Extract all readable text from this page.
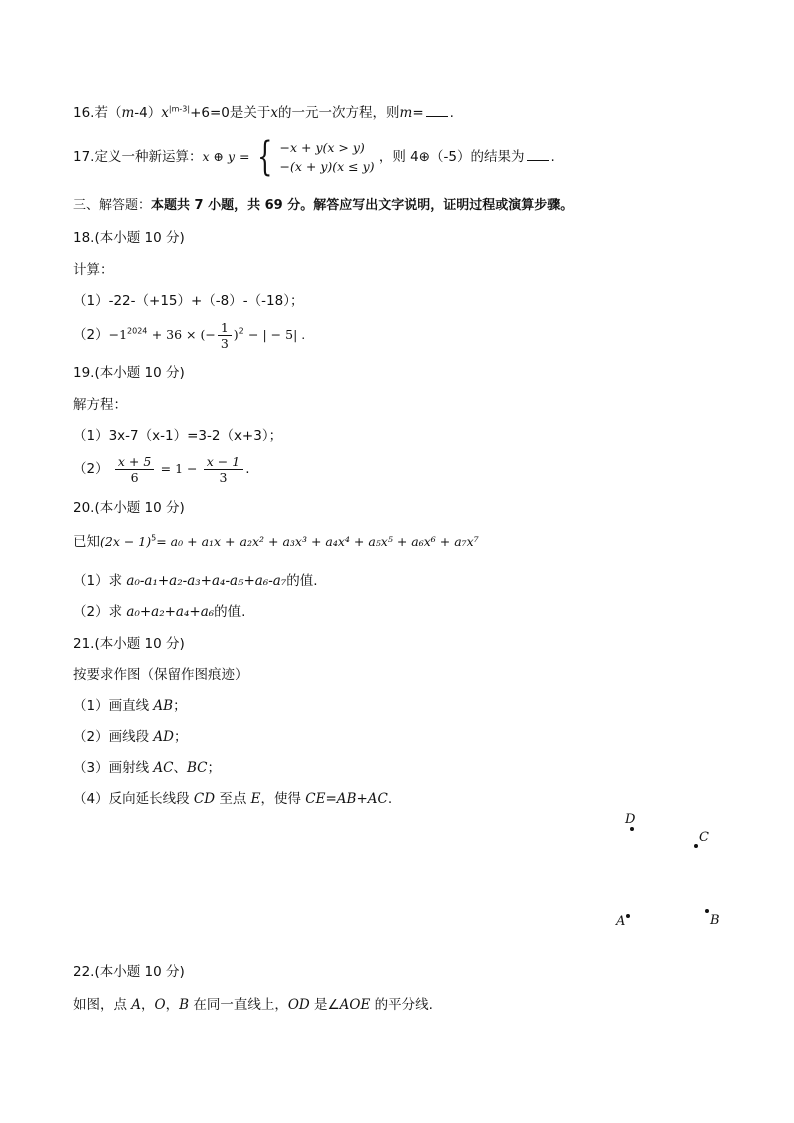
16.若$(m-4)x^{|m-3|}+6=0$是关于x的一元一次方程，则m= .
17.定义一种新运算：x ⊕ y = { −x + y(x > y)
−(x + y)(x ≤ y)
，则 4⊕（-5）的结果为 .
三、解答题：本题共 7 小题，共 69 分。解答应写出文字说明，证明过程或演算步骤。
18.(本小题 10 分)
计算：
（1）-22-（+15）+（-8）-（-18）；
$(2)-1^{2024} + 36$ × (− $\frac{1}{3} )^2$ − | − 5| .
19.(本小题 10 分)
解方程：
（1）3x-7（x-1）=3-2（x+3）；
$(2) \frac{x + 5}{6} = 1 - \frac{x - 1}{3}$ .
20.(本小题 10 分)
已知$(2x - 1)^5= a_0 + a_1x + a_2x^2 + a_3x^3 + a_4x^4 + a_5x^5 + a_6x^6 + a_7x^7$
（1）求 a₀-a₁+a₂-a₃+a₄-a₅+a₆-a₇的值.
（2）求 a₀+a₂+a₄+a₆的值.
21.(本小题 10 分)
按要求作图（保留作图痕迹）
（1）画直线 AB；
（2）画线段 AD；
（3）画射线 AC、BC；
（4）反向延长线段 CD 至点 E，使得 CE=AB+AC.
D
C
A	B
22.(本小题 10 分)
如图，点 A，O，B 在同一直线上，OD 是∠AOE 的平分线.
